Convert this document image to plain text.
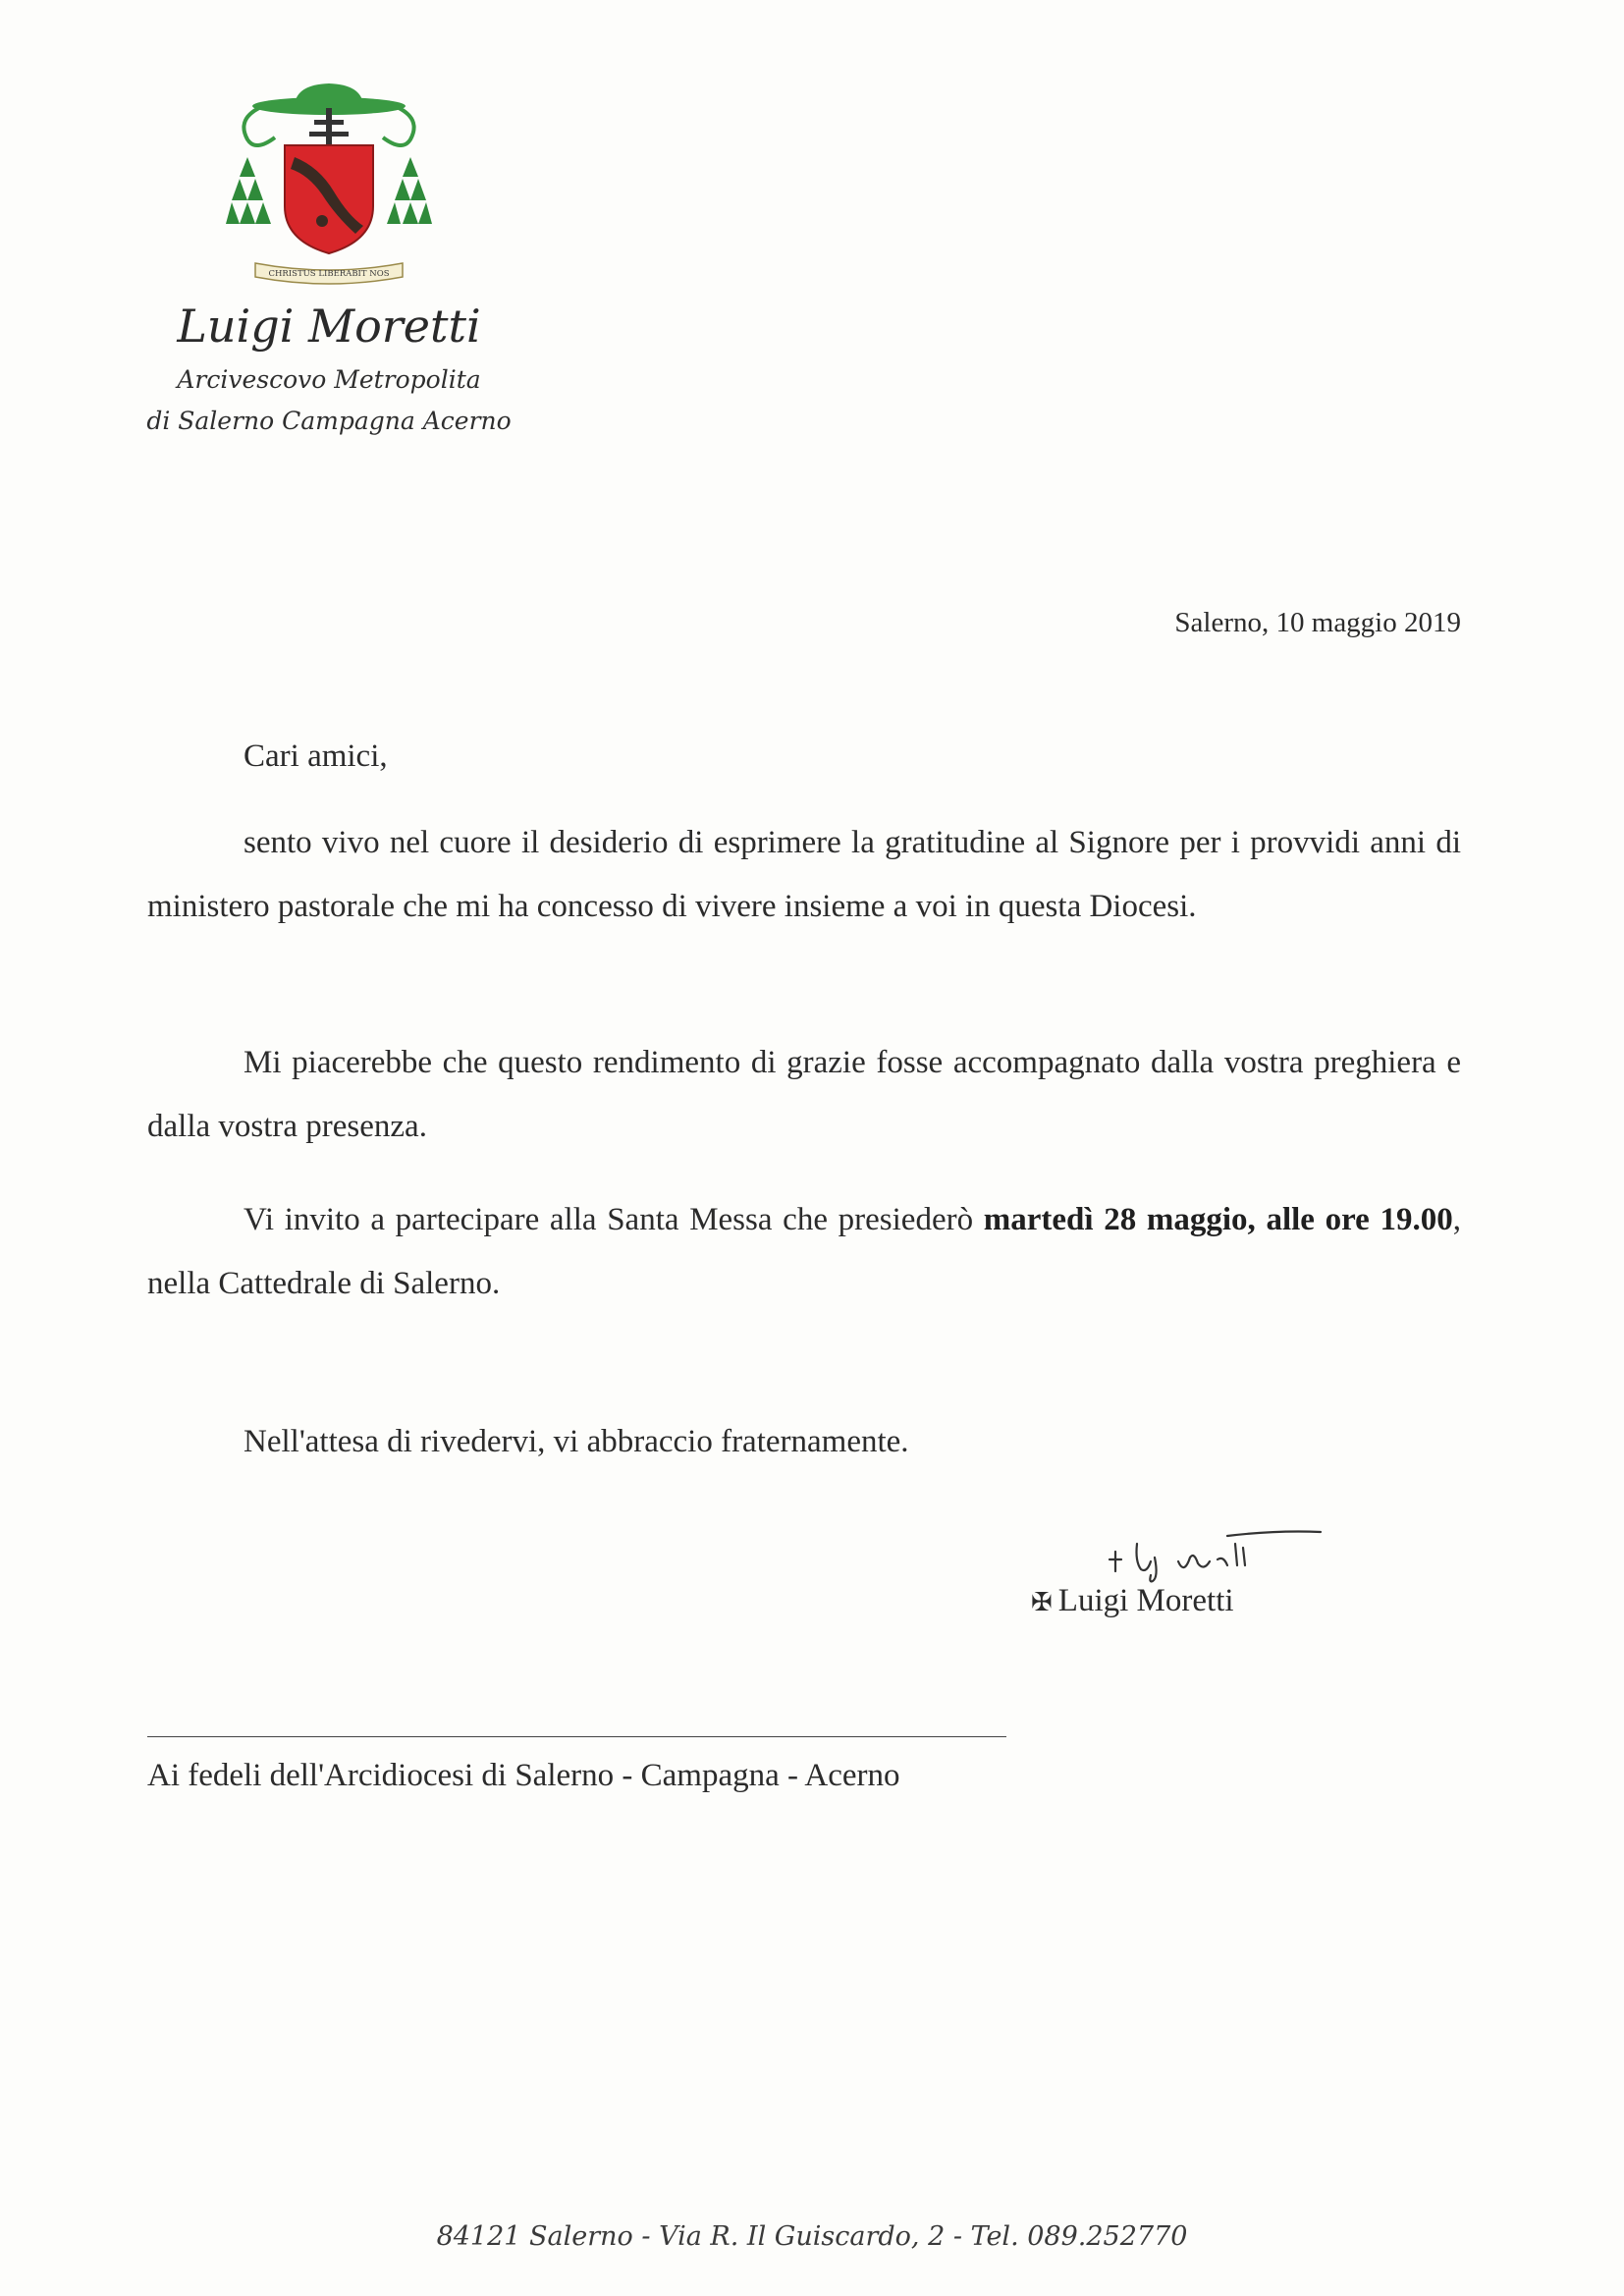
CHRISTUS LIBERABIT NOS
Luigi Moretti
Arcivescovo Metropolita
di Salerno Campagna Acerno
Salerno, 10 maggio 2019
Cari amici,
sento vivo nel cuore il desiderio di esprimere la gratitudine al Signore per i provvidi anni di ministero pastorale che mi ha concesso di vivere insieme a voi in questa Diocesi.
Mi piacerebbe che questo rendimento di grazie fosse accompagnato dalla vostra preghiera e dalla vostra presenza.
Vi invito a partecipare alla Santa Messa che presiederò martedì 28 maggio, alle ore 19.00, nella Cattedrale di Salerno.
Nell'attesa di rivedervi, vi abbraccio fraternamente.
✠ Luigi Moretti
Ai fedeli dell'Arcidiocesi di Salerno - Campagna - Acerno
84121 Salerno - Via R. Il Guiscardo, 2 - Tel. 089.252770
